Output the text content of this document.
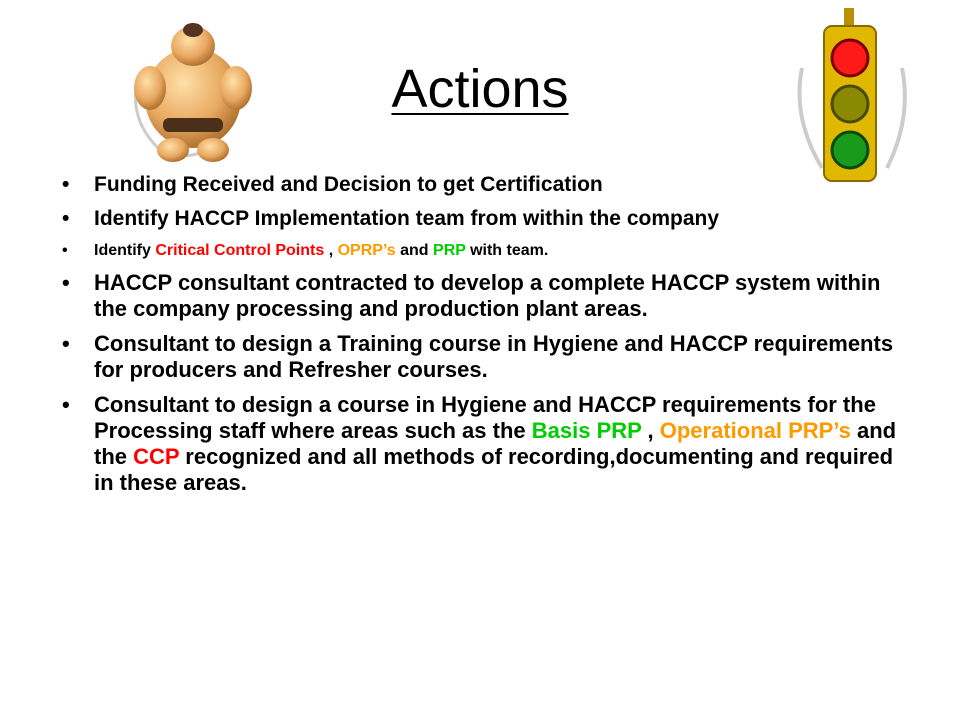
Actions
• Funding Received and Decision to get Certification
• Identify HACCP Implementation team from within the company
• Identify Critical Control Points , OPRP’s and PRP with team.
• HACCP consultant contracted to develop a complete HACCP system within the company processing and production plant areas.
• Consultant to design a Training course in Hygiene and HACCP requirements for producers and Refresher courses.
• Consultant to design a course in Hygiene and HACCP requirements for the Processing staff where areas such as the Basis PRP , Operational PRP’s and the CCP recognized and all methods of recording,documenting and required in these areas.
